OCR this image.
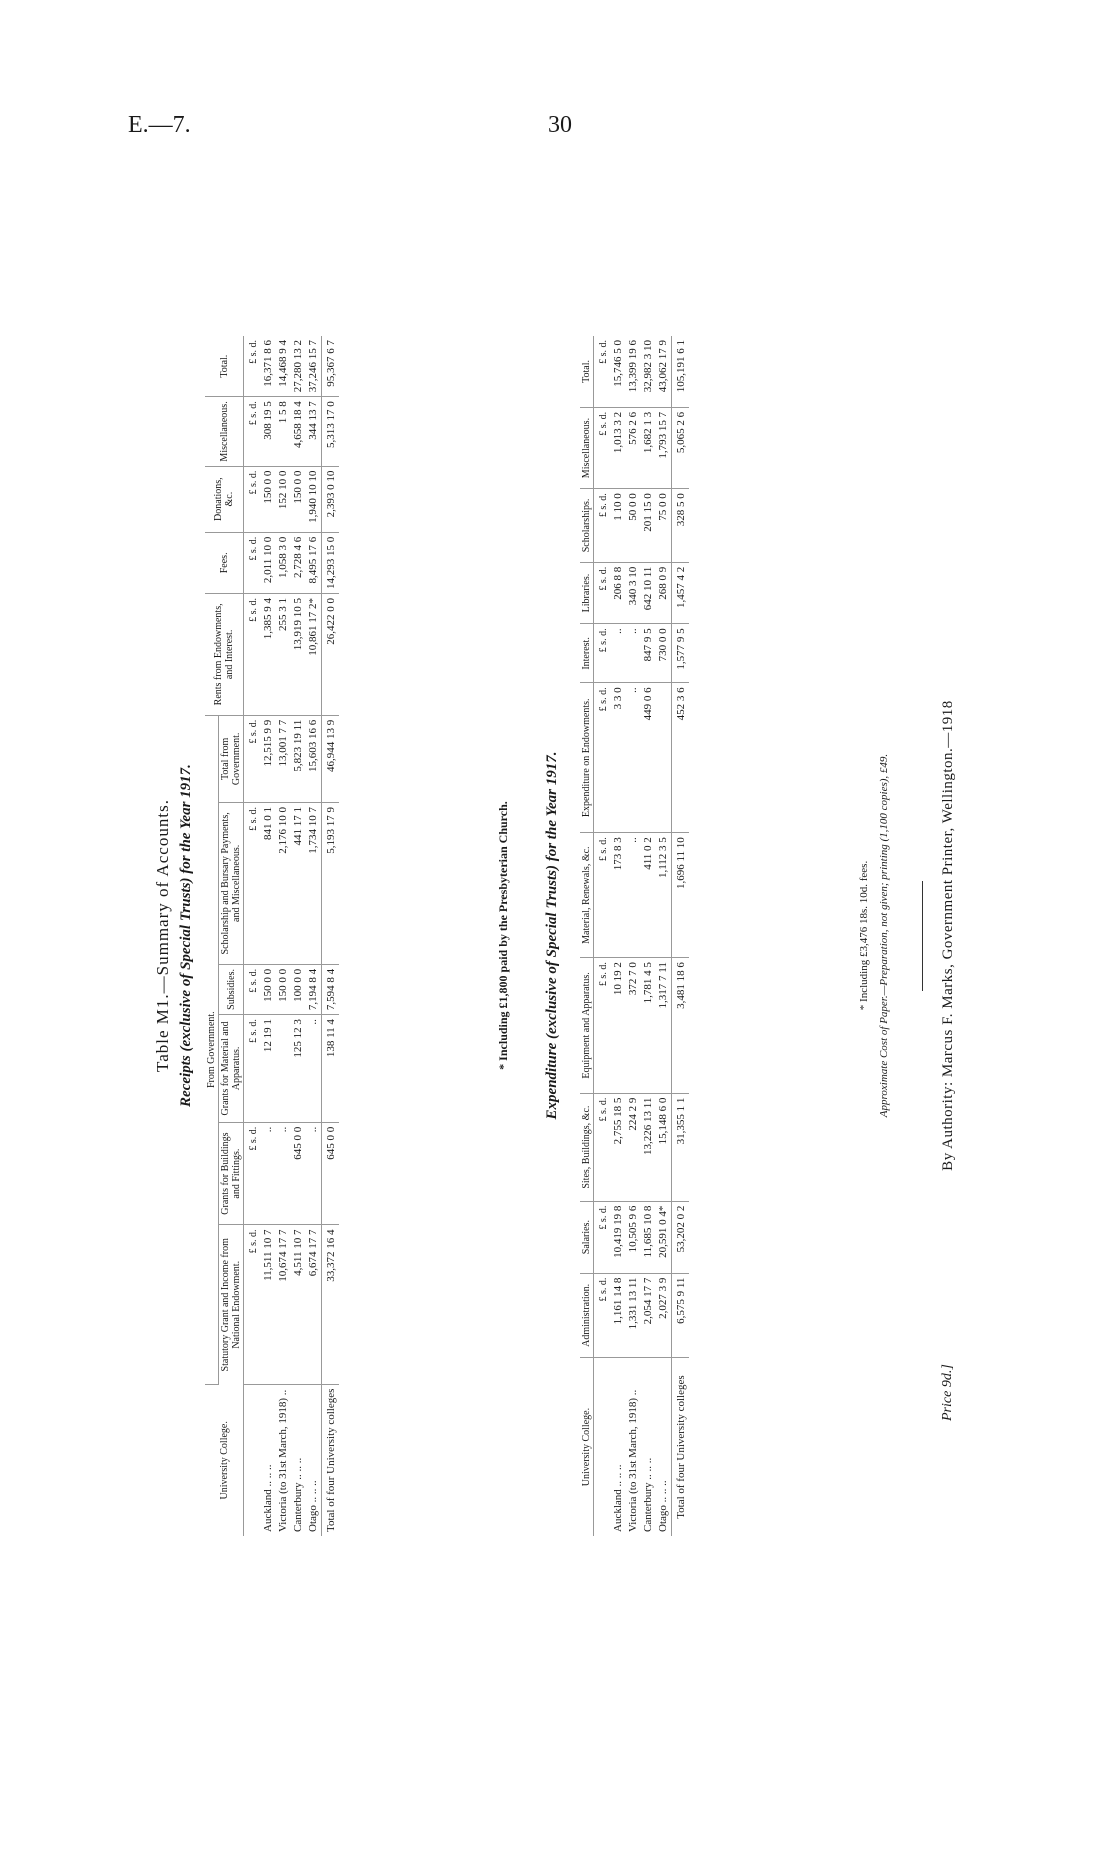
E.—7.	30
Table M1.—Summary of Accounts. Receipts (exclusive of Special Trusts) for the Year 1917.
University College.	From Government.						Rents from Endowments, and Interest.	Fees.	Donations, &c.	Miscellaneous.	Total.
	Statutory Grant and Income from National Endowment.	Grants for Buildings and Fittings.	Grants for Material and Apparatus.	Subsidies.	Scholarship and Bursary Payments, and Miscellaneous.	Total from Government.					
	£ s. d.	£ s. d.	£ s. d.	£ s. d.	£ s. d.	£ s. d.	£ s. d.	£ s. d.	£ s. d.	£ s. d.	£ s. d.
Auckland .. .. ..	11,511 10 7	..	12 19 1	150 0 0	841 0 1	12,515 9 9	1,385 9 4	2,011 10 0	150 0 0	308 19 5	16,371 8 6
Victoria (to 31st March, 1918) ..	10,674 17 7	..		150 0 0	2,176 10 0	13,001 7 7	255 3 1	1,058 3 0	152 10 0	1 5 8	14,468 9 4
Canterbury .. .. ..	4,511 10 7	645 0 0	125 12 3	100 0 0	441 17 1	5,823 19 11	13,919 10 5	2,728 4 6	150 0 0	4,658 18 4	27,280 13 2
Otago .. .. ..	6,674 17 7	..	..	7,194 8 4	1,734 10 7	15,603 16 6	10,861 17 2*	8,495 17 6	1,940 10 10	344 13 7	37,246 15 7
Total of four University colleges	33,372 16 4	645 0 0	138 11 4	7,594 8 4	5,193 17 9	46,944 13 9	26,422 0 0	14,293 15 0	2,393 0 10	5,313 17 0	95,367 6 7
* Including £1,800 paid by the Presbyterian Church. Expenditure (exclusive of Special Trusts) for the Year 1917.
University College.	Administration.	Salaries.	Sites, Buildings, &c.	Equipment and Apparatus.	Material, Renewals, &c.	Expenditure on Endowments.	Interest.	Libraries.	Scholarships.	Miscellaneous.	Total.
	£ s. d.	£ s. d.	£ s. d.	£ s. d.	£ s. d.	£ s. d.	£ s. d.	£ s. d.	£ s. d.	£ s. d.	£ s. d.
Auckland .. .. ..	1,161 14 8	10,419 19 8	2,755 18 5	10 19 2	173 8 3	3 3 0	..	206 8 8	1 10 0	1,013 3 2	15,746 5 0
Victoria (to 31st March, 1918) ..	1,331 13 11	10,505 9 6	224 2 9	372 7 0	..	..	..	340 3 10	50 0 0	576 2 6	13,399 19 6
Canterbury .. .. ..	2,054 17 7	11,685 10 8	13,226 13 11	1,781 4 5	411 0 2	449 0 6	847 9 5	642 10 11	201 15 0	1,682 1 3	32,982 3 10
Otago .. .. ..	2,027 3 9	20,591 0 4*	15,148 6 0	1,317 7 11	1,112 3 5		730 0 0	268 0 9	75 0 0	1,793 15 7	43,062 17 9
Total of four University colleges	6,575 9 11	53,202 0 2	31,355 1 1	3,481 18 6	1,696 11 10	452 3 6	1,577 9 5	1,457 4 2	328 5 0	5,065 2 6	105,191 6 1
* Including £3,476 18s. 10d. fees. Approximate Cost of Paper.—Preparation, not given; printing (1,100 copies), £49.	By Authority: Marcus F. Marks, Government Printer, Wellington.—1918
Price 9d.]
